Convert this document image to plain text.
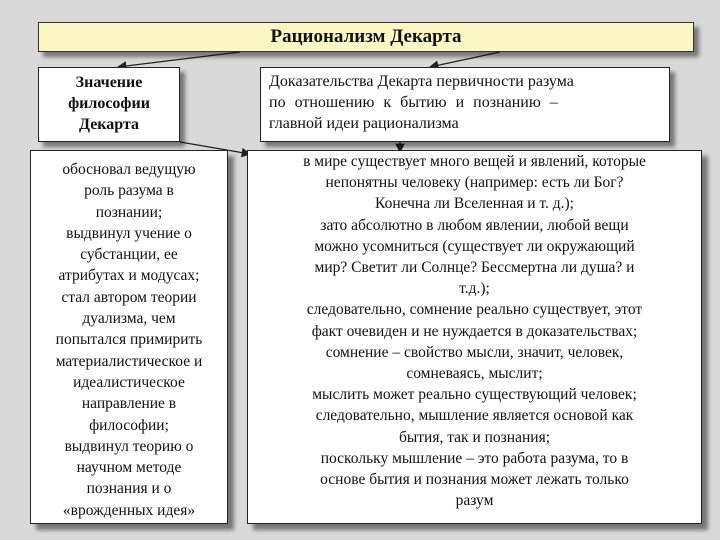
Рационализм Декарта
Значение
философии
Декарта
Доказательства Декарта первичности разума
по отношению к бытию и познанию –
главной идеи рационализма
обосновал ведущую
роль разума в
познании;
выдвинул учение о
субстанции, ее
атрибутах и модусах;
стал автором теории
дуализма, чем
попытался примирить
материалистическое и
идеалистическое
направление в
философии;
выдвинул теорию о
научном методе
познания и о
«врожденных идея»
в мире существует много вещей и явлений, которые
непонятны человеку (например: есть ли Бог?
Конечна ли Вселенная и т. д.);
зато абсолютно в любом явлении, любой вещи
можно усомниться (существует ли окружающий
мир? Светит ли Солнце? Бессмертна ли душа? и
т.д.);
следовательно, сомнение реально существует, этот
факт очевиден и не нуждается в доказательствах;
сомнение – свойство мысли, значит, человек,
сомневаясь, мыслит;
мыслить может реально существующий человек;
следовательно, мышление является основой как
бытия, так и познания;
поскольку мышление – это работа разума, то в
основе бытия и познания может лежать только
разум
